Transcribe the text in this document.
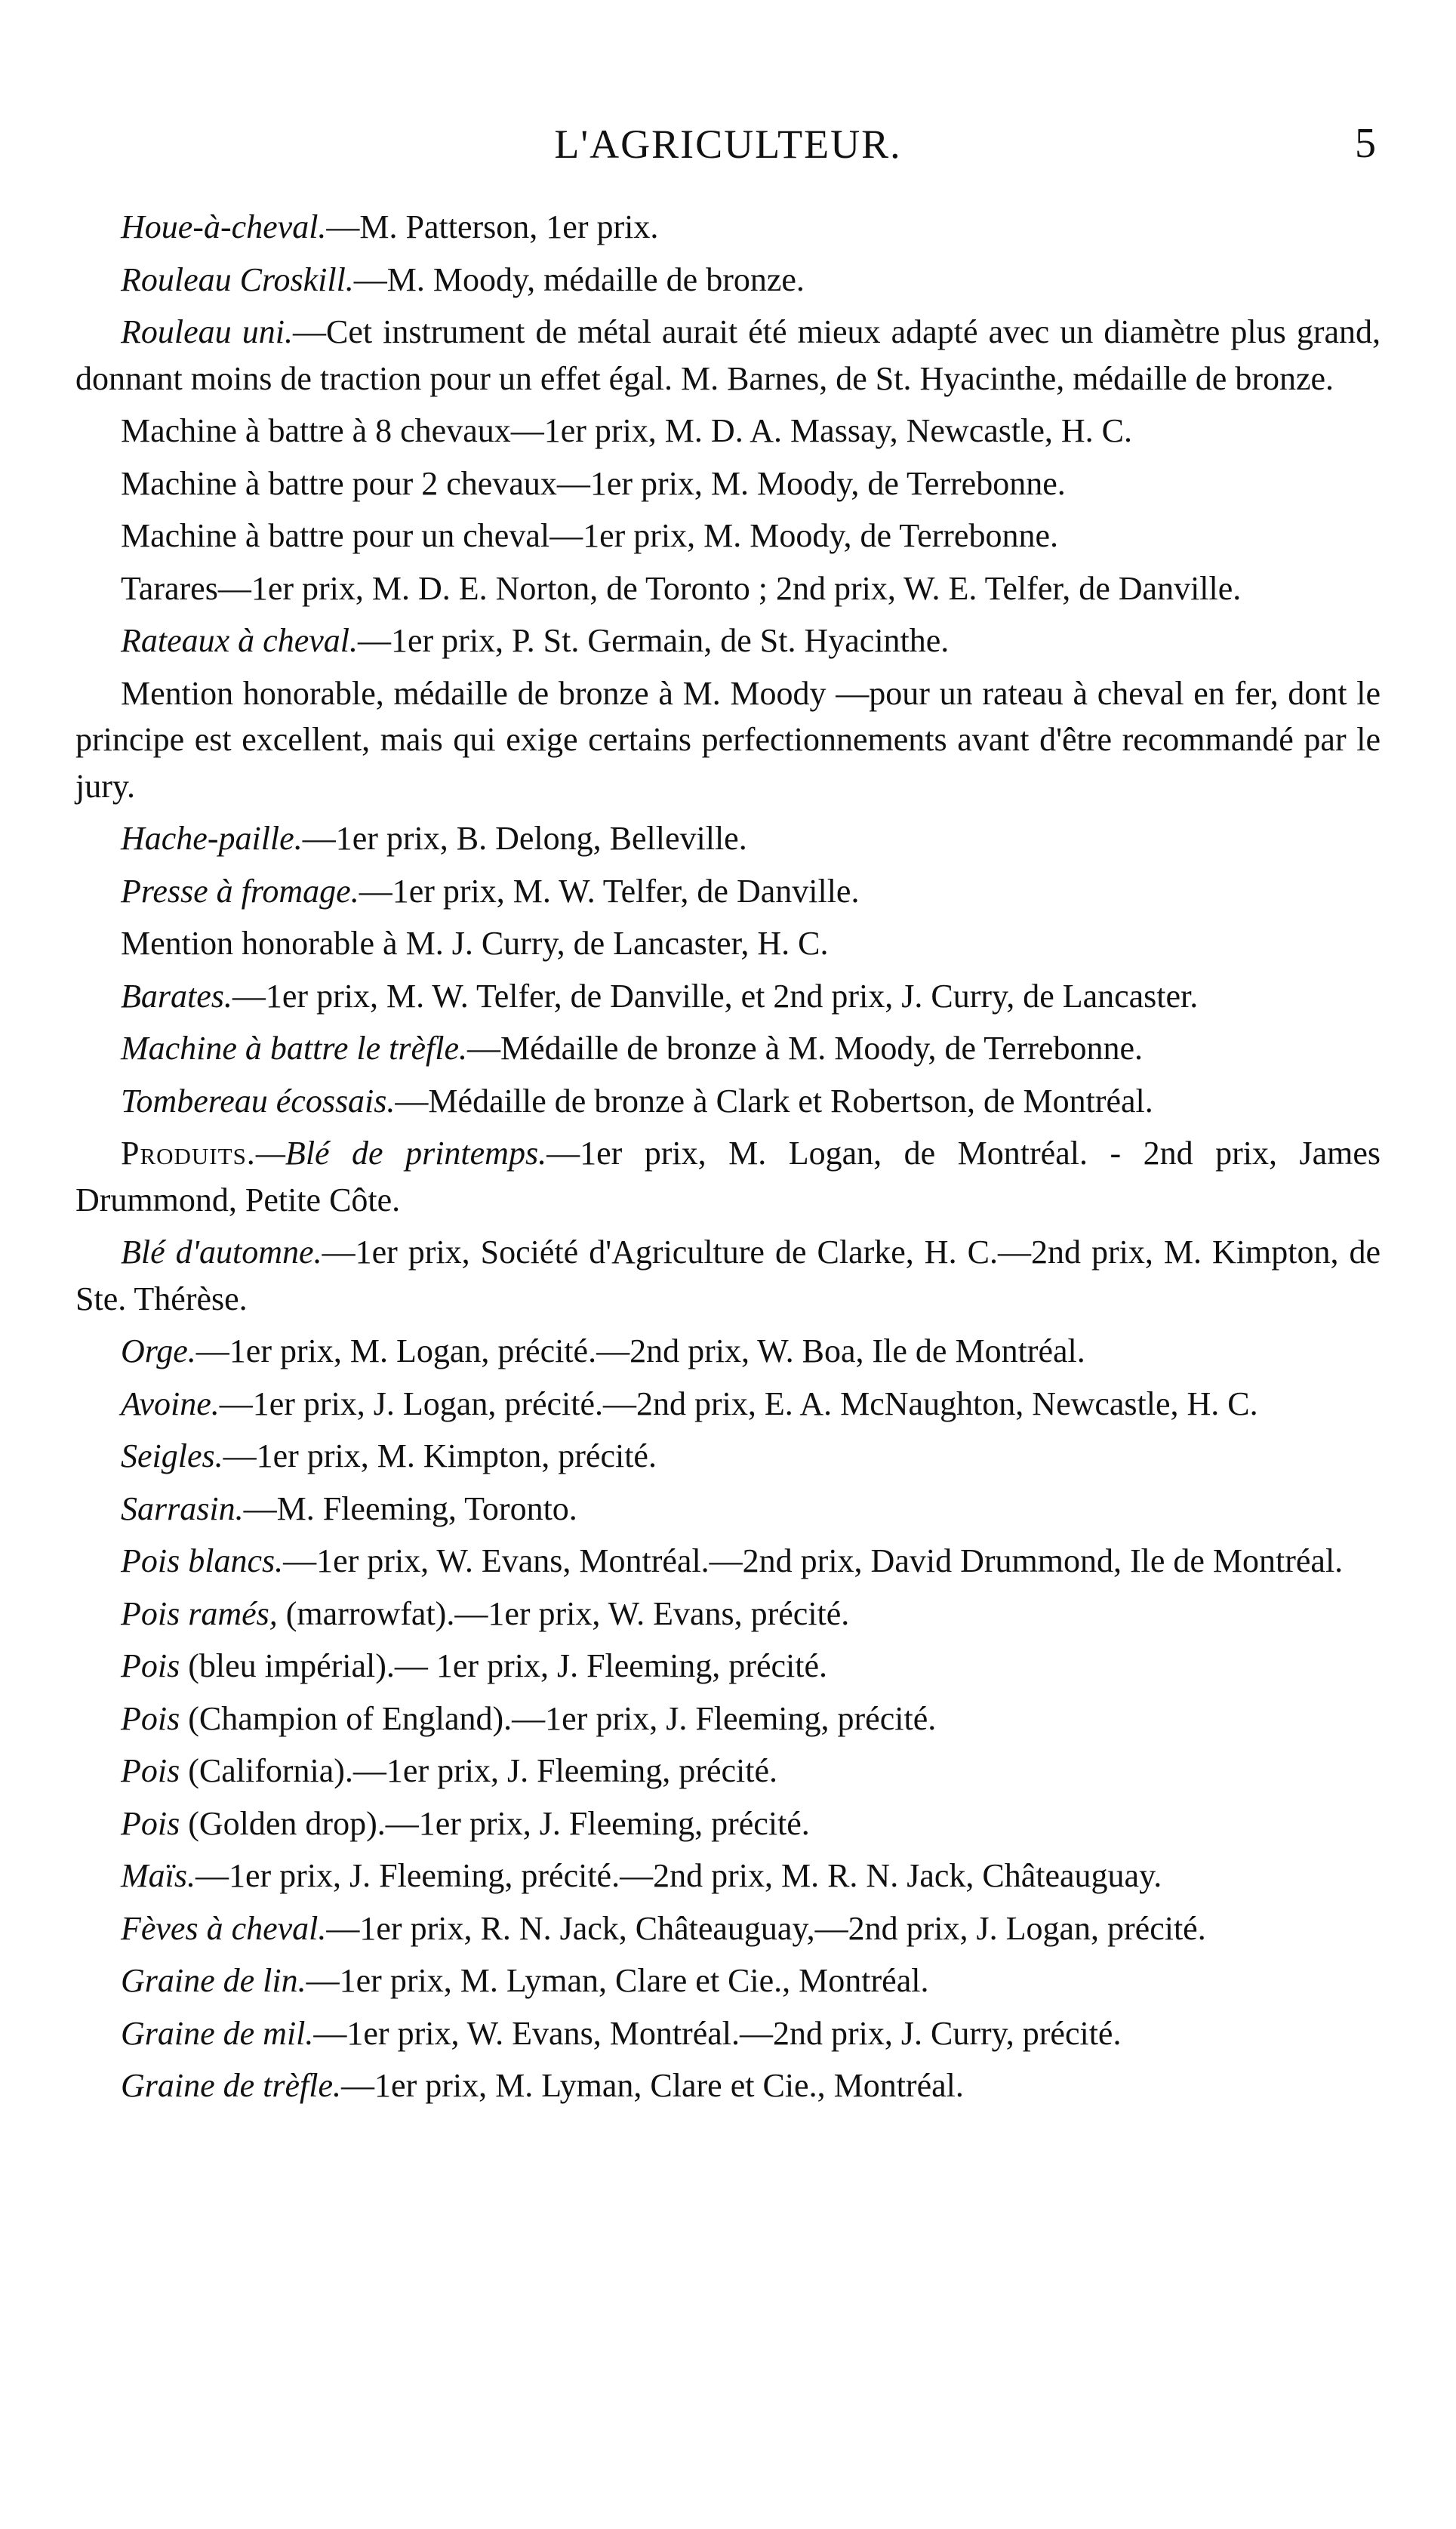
L'AGRICULTEUR.	5

Houe-à-cheval.—M. Patterson, 1er prix.

Rouleau Croskill.—M. Moody, médaille de bronze.

Rouleau uni.—Cet instrument de métal aurait été mieux adapté avec un diamètre plus grand, donnant moins de traction pour un effet égal. M. Barnes, de St. Hyacinthe, médaille de bronze.

Machine à battre à 8 chevaux—1er prix, M. D. A. Massay, Newcastle, H. C.

Machine à battre pour 2 chevaux—1er prix, M. Moody, de Terrebonne.

Machine à battre pour un cheval—1er prix, M. Moody, de Terrebonne.

Tarares—1er prix, M. D. E. Norton, de Toronto ; 2nd prix, W. E. Telfer, de Danville.

Rateaux à cheval.—1er prix, P. St. Germain, de St. Hyacinthe.

Mention honorable, médaille de bronze à M. Moody —pour un rateau à cheval en fer, dont le principe est excellent, mais qui exige certains perfectionnements avant d'être recommandé par le jury.

Hache-paille.—1er prix, B. Delong, Belleville.

Presse à fromage.—1er prix, M. W. Telfer, de Danville.

Mention honorable à M. J. Curry, de Lancaster, H. C.

Barates.—1er prix, M. W. Telfer, de Danville, et 2nd prix, J. Curry, de Lancaster.

Machine à battre le trèfle.—Médaille de bronze à M. Moody, de Terrebonne.

Tombereau écossais.—Médaille de bronze à Clark et Robertson, de Montréal.

Produits.—Blé de printemps.—1er prix, M. Logan, de Montréal. - 2nd prix, James Drummond, Petite Côte.

Blé d'automne.—1er prix, Société d'Agriculture de Clarke, H. C.—2nd prix, M. Kimpton, de Ste. Thérèse.

Orge.—1er prix, M. Logan, précité.—2nd prix, W. Boa, Ile de Montréal.

Avoine.—1er prix, J. Logan, précité.—2nd prix, E. A. McNaughton, Newcastle, H. C.

Seigles.—1er prix, M. Kimpton, précité.

Sarrasin.—M. Fleeming, Toronto.

Pois blancs.—1er prix, W. Evans, Montréal.—2nd prix, David Drummond, Ile de Montréal.

Pois ramés, (marrowfat).—1er prix, W. Evans, précité.

Pois (bleu impérial).— 1er prix, J. Fleeming, précité.

Pois (Champion of England).—1er prix, J. Fleeming, précité.

Pois (California).—1er prix, J. Fleeming, précité.

Pois (Golden drop).—1er prix, J. Fleeming, précité.

Maïs.—1er prix, J. Fleeming, précité.—2nd prix, M. R. N. Jack, Châteauguay.

Fèves à cheval.—1er prix, R. N. Jack, Châteauguay,—2nd prix, J. Logan, précité.

Graine de lin.—1er prix, M. Lyman, Clare et Cie., Montréal.

Graine de mil.—1er prix, W. Evans, Montréal.—2nd prix, J. Curry, précité.

Graine de trèfle.—1er prix, M. Lyman, Clare et Cie., Montréal.
